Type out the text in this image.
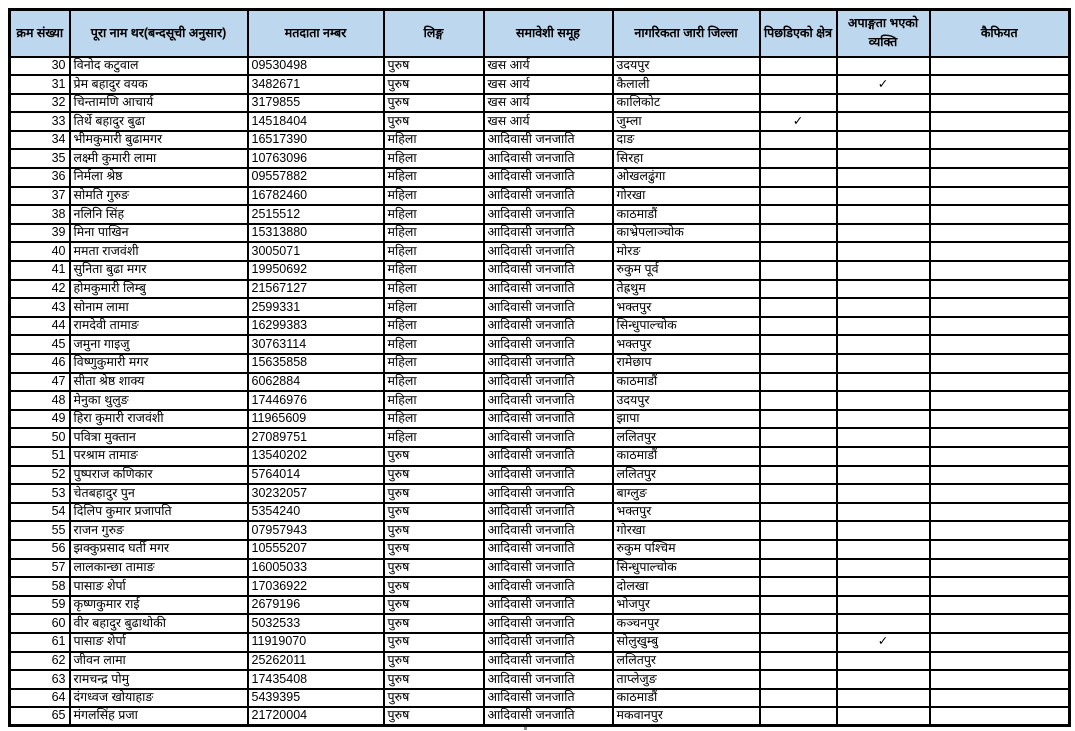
क्रम संख्या	पूरा नाम थर(बन्दसूची अनुसार)	मतदाता नम्बर	लिङ्ग	समावेशी समूह	नागरिकता जारी जिल्ला	पिछडिएको क्षेत्र	अपाङ्गता भएको व्यक्ति	कैफियत
30	विनोद कटुवाल	09530498	पुरुष	खस आर्य	उदयपुर			
31	प्रेम बहादुर वयक	3482671	पुरुष	खस आर्य	कैलाली		✓	
32	चिन्तामणि आचार्य	3179855	पुरुष	खस आर्य	कालिकोट			
33	तिर्थे बहादुर बुढा	14518404	पुरुष	खस आर्य	जुम्ला	✓		
34	भीमकुमारी बुढामगर	16517390	महिला	आदिवासी जनजाति	दाङ			
35	लक्ष्मी कुमारी लामा	10763096	महिला	आदिवासी जनजाति	सिरहा			
36	निर्मला श्रेष्ठ	09557882	महिला	आदिवासी जनजाति	ओखलढुंगा			
37	सोमति गुरुङ	16782460	महिला	आदिवासी जनजाति	गोरखा			
38	नलिनि सिंह	2515512	महिला	आदिवासी जनजाति	काठमाडौं			
39	मिना पाखिन	15313880	महिला	आदिवासी जनजाति	काभ्रेपलाञ्चोक			
40	ममता राजवंशी	3005071	महिला	आदिवासी जनजाति	मोरङ			
41	सुनिता बुढा मगर	19950692	महिला	आदिवासी जनजाति	रुकुम पूर्व			
42	होमकुमारी लिम्बु	21567127	महिला	आदिवासी जनजाति	तेह्रथुम			
43	सोनाम लामा	2599331	महिला	आदिवासी जनजाति	भक्तपुर			
44	रामदेवी तामाङ	16299383	महिला	आदिवासी जनजाति	सिन्धुपाल्चोक			
45	जमुना गाइजु	30763114	महिला	आदिवासी जनजाति	भक्तपुर			
46	विष्णुकुमारी मगर	15635858	महिला	आदिवासी जनजाति	रामेछाप			
47	सीता श्रेष्ठ शाक्य	6062884	महिला	आदिवासी जनजाति	काठमाडौं			
48	मेनुका थुलुङ	17446976	महिला	आदिवासी जनजाति	उदयपुर			
49	हिरा कुमारी राजवंशी	11965609	महिला	आदिवासी जनजाति	झापा			
50	पवित्रा मुक्तान	27089751	महिला	आदिवासी जनजाति	ललितपुर			
51	परश्राम तामाङ	13540202	पुरुष	आदिवासी जनजाति	काठमाडौं			
52	पुष्पराज कणिकार	5764014	पुरुष	आदिवासी जनजाति	ललितपुर			
53	चेतबहादुर पुन	30232057	पुरुष	आदिवासी जनजाति	बाग्लुङ			
54	दिलिप कुमार प्रजापति	5354240	पुरुष	आदिवासी जनजाति	भक्तपुर			
55	राजन गुरुङ	07957943	पुरुष	आदिवासी जनजाति	गोरखा			
56	झक्कुप्रसाद घर्ती मगर	10555207	पुरुष	आदिवासी जनजाति	रुकुम पश्चिम			
57	लालकान्छा तामाङ	16005033	पुरुष	आदिवासी जनजाति	सिन्धुपाल्चोक			
58	पासाङ शेर्पा	17036922	पुरुष	आदिवासी जनजाति	दोलखा			
59	कृष्णकुमार राई	2679196	पुरुष	आदिवासी जनजाति	भोजपुर			
60	वीर बहादुर बुढाथोकी	5032533	पुरुष	आदिवासी जनजाति	कञ्चनपुर			
61	पासाङ शेर्पा	11919070	पुरुष	आदिवासी जनजाति	सोलुखुम्बु		✓	
62	जीवन लामा	25262011	पुरुष	आदिवासी जनजाति	ललितपुर			
63	रामचन्द्र पोमु	17435408	पुरुष	आदिवासी जनजाति	ताप्लेजुङ			
64	दंगध्वज खोयाहाङ	5439395	पुरुष	आदिवासी जनजाति	काठमाडौं			
65	मंगलसिंह प्रजा	21720004	पुरुष	आदिवासी जनजाति	मकवानपुर			
